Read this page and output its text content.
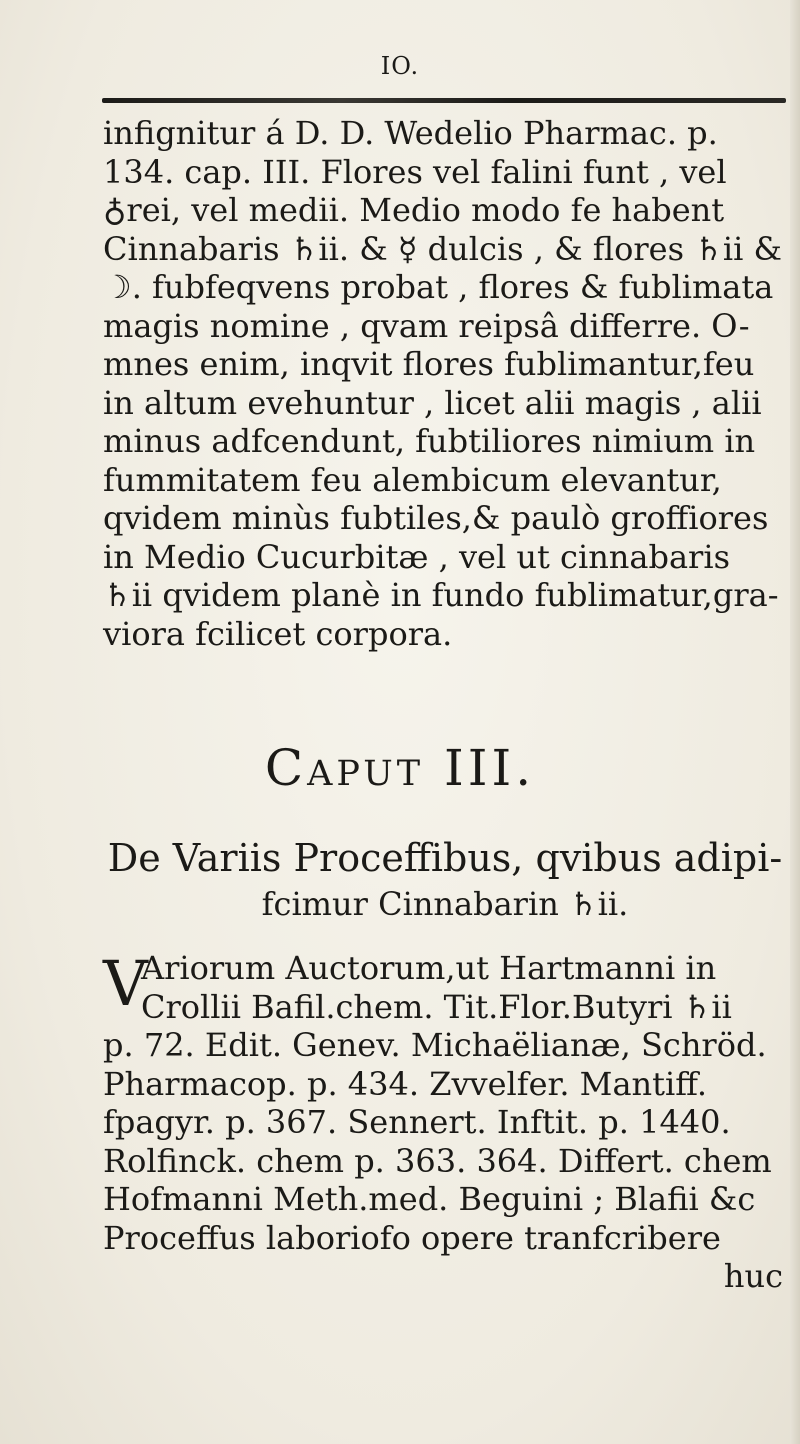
IO.
infignitur á D. D. Wedelio Pharmac. p.
134. cap. III. Flores vel falini funt , vel
♁rei, vel medii. Medio modo fe habent
Cinnabaris ♄ii. & ☿ dulcis , & flores ♄ii &
☽. fubfeqvens probat , flores & fublimata
magis nomine , qvam reipsâ differre. O-
mnes enim, inqvit flores fublimantur,feu
in altum evehuntur , licet alii magis , alii
minus adfcendunt, fubtiliores nimium in
fummitatem feu alembicum elevantur,
qvidem minùs fubtiles,& paulò groffiores
in Medio Cucurbitæ , vel ut cinnabaris
♄ii qvidem planè in fundo fublimatur,gra-
viora fcilicet corpora.
Caput III.
De Variis Proceffibus, qvibus adipi-
fcimur Cinnabarin ♄ii.
V
Ariorum Auctorum,ut Hartmanni in
Crollii Bafil.chem. Tit.Flor.Butyri ♄ii
p. 72. Edit. Genev. Michaëlianæ, Schröd.
Pharmacop. p. 434. Zvvelfer. Mantiff.
fpagyr. p. 367. Sennert. Inftit. p. 1440.
Rolfinck. chem p. 363. 364. Differt. chem
Hofmanni Meth.med. Beguini ; Blafii &c
Proceffus laboriofo opere tranfcribere
huc
